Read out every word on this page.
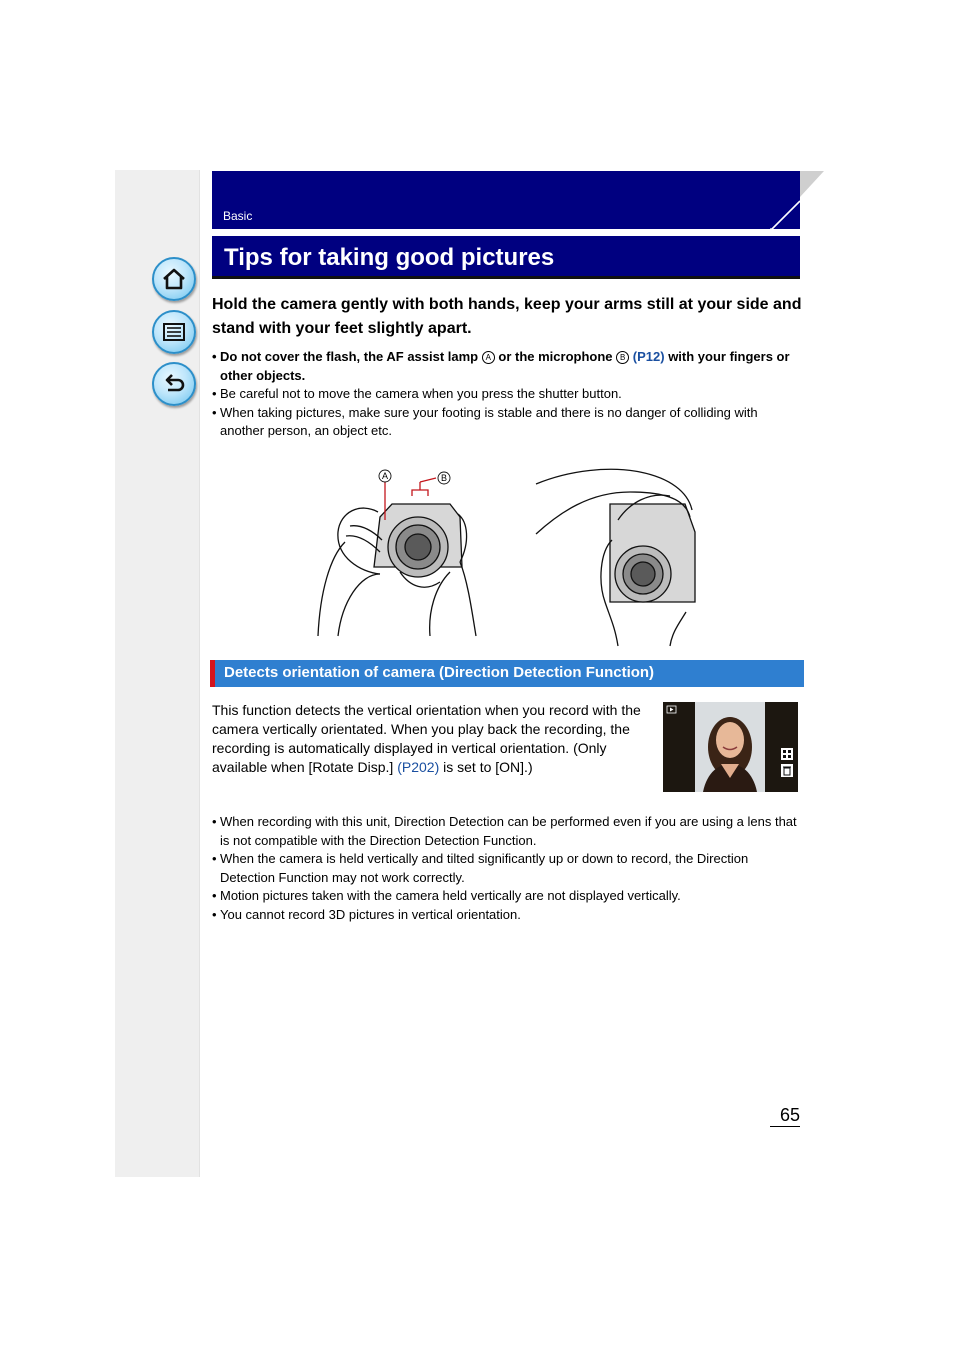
Basic
Tips for taking good pictures
Hold the camera gently with both hands, keep your arms still at your side and stand with your feet slightly apart.
• Do not cover the flash, the AF assist lamp A or the microphone B (P12) with your fingers or other objects.
• Be careful not to move the camera when you press the shutter button.
• When taking pictures, make sure your footing is stable and there is no danger of colliding with another person, an object etc.
A	B
Detects orientation of camera (Direction Detection Function)
This function detects the vertical orientation when you record with the camera vertically orientated. When you play back the recording, the recording is automatically displayed in vertical orientation. (Only available when [Rotate Disp.] (P202) is set to [ON].)
• When recording with this unit, Direction Detection can be performed even if you are using a lens that is not compatible with the Direction Detection Function.
• When the camera is held vertically and tilted significantly up or down to record, the Direction Detection Function may not work correctly.
• Motion pictures taken with the camera held vertically are not displayed vertically.
• You cannot record 3D pictures in vertical orientation.
65
